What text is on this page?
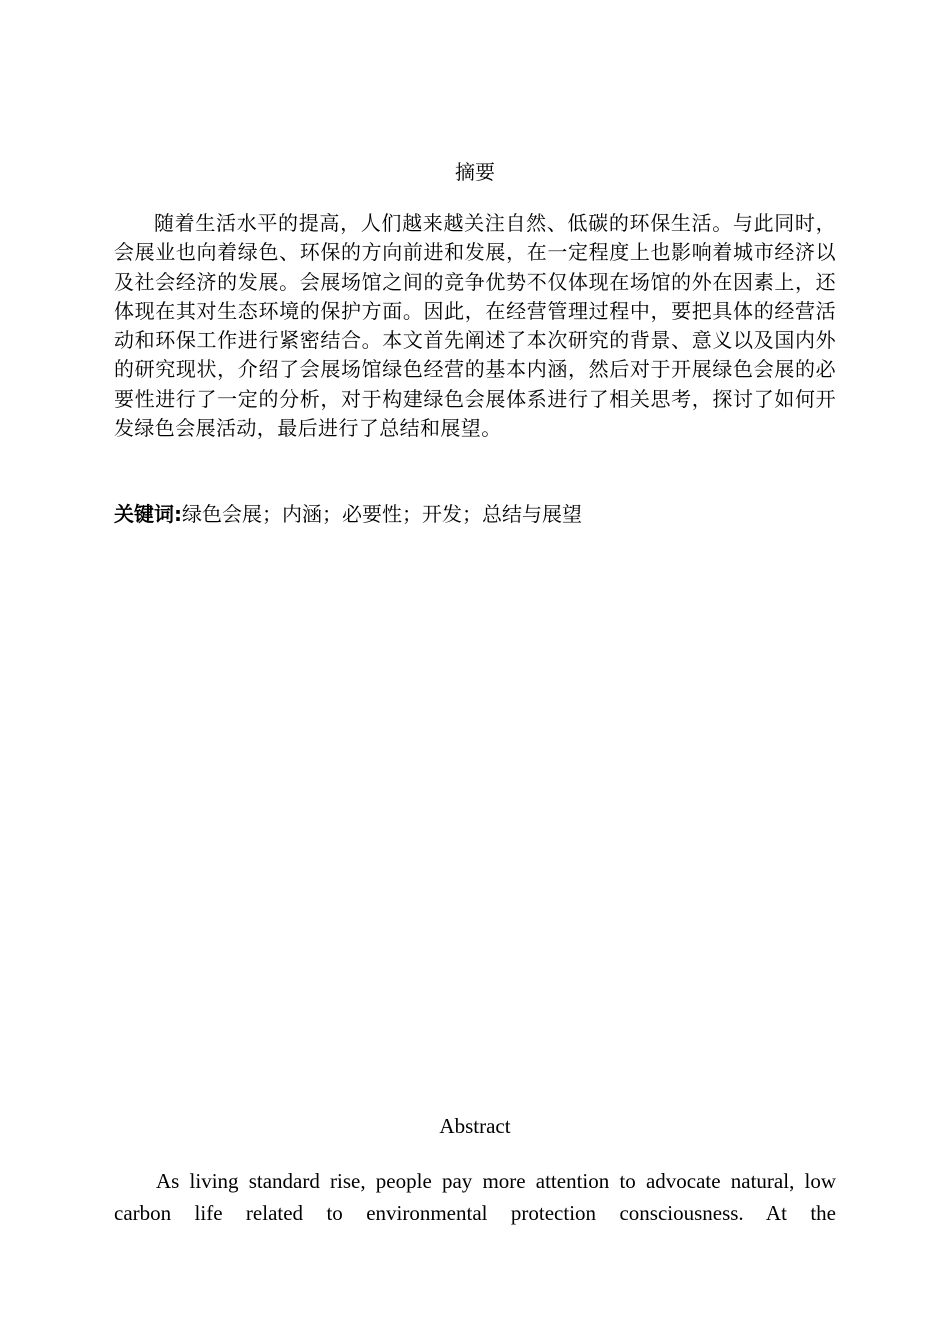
摘要

随着生活水平的提高，人们越来越关注自然、低碳的环保生活。与此同时，会展业也向着绿色、环保的方向前进和发展，在一定程度上也影响着城市经济以及社会经济的发展。会展场馆之间的竞争优势不仅体现在场馆的外在因素上，还体现在其对生态环境的保护方面。因此，在经营管理过程中，要把具体的经营活动和环保工作进行紧密结合。本文首先阐述了本次研究的背景、意义以及国内外的研究现状，介绍了会展场馆绿色经营的基本内涵，然后对于开展绿色会展的必要性进行了一定的分析，对于构建绿色会展体系进行了相关思考，探讨了如何开发绿色会展活动，最后进行了总结和展望。

关键词:绿色会展；内涵；必要性；开发；总结与展望
Abstract

As living standard rise, people pay more attention to advocate natural, low carbon life related to environmental protection consciousness. At the
